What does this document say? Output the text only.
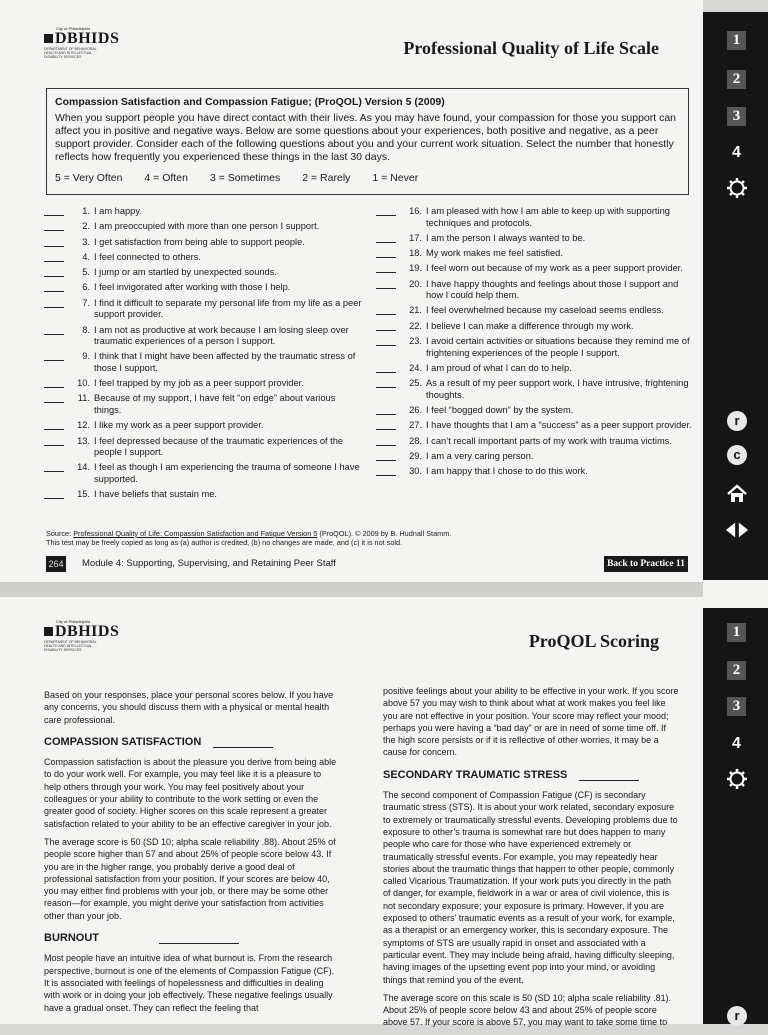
City of Philadelphia
DBHIDS
DEPARTMENT OF BEHAVIORAL HEALTH AND INTELLECTUAL DISABILITY SERVICES	Professional Quality of Life Scale
Compassion Satisfaction and Compassion Fatigue; (ProQOL) Version 5 (2009)

When you support people you have direct contact with their lives. As you may have found, your compassion for those you support can affect you in positive and negative ways. Below are some questions about your experiences, both positive and negative, as a peer support provider. Consider each of the following questions about you and your current work situation. Select the number that honestly reflects how frequently you experienced these things in the last 30 days.

5 = Very Often 4 = Often 3 = Sometimes 2 = Rarely 1 = Never
1. I am happy.
2. I am preoccupied with more than one person I support.
3. I get satisfaction from being able to support people.
4. I feel connected to others.
5. I jump or am startled by unexpected sounds.
6. I feel invigorated after working with those I help.
7. I find it difficult to separate my personal life from my life as a peer support provider.
8. I am not as productive at work because I am losing sleep over traumatic experiences of a person I support.
9. I think that I might have been affected by the traumatic stress of those I support.
10. I feel trapped by my job as a peer support provider.
11. Because of my support, I have felt “on edge” about various things.
12. I like my work as a peer support provider.
13. I feel depressed because of the traumatic experiences of the people I support.
14. I feel as though I am experiencing the trauma of someone I have supported.
15. I have beliefs that sustain me.
16. I am pleased with how I am able to keep up with supporting techniques and protocols.
17. I am the person I always wanted to be.
18. My work makes me feel satisfied.
19. I feel worn out because of my work as a peer support provider.
20. I have happy thoughts and feelings about those I support and how I could help them.
21. I feel overwhelmed because my caseload seems endless.
22. I believe I can make a difference through my work.
23. I avoid certain activities or situations because they remind me of frightening experiences of the people I support.
24. I am proud of what I can do to help.
25. As a result of my peer support work, I have intrusive, frightening thoughts.
26. I feel “bogged down” by the system.
27. I have thoughts that I am a “success” as a peer support provider.
28. I can’t recall important parts of my work with trauma victims.
29. I am a very caring person.
30. I am happy that I chose to do this work.
Source: Professional Quality of Life: Compassion Satisfaction and Fatigue Version 5 (ProQOL). © 2009 by B. Hudnall Stamm.
This test may be freely copied as long as (a) author is credited, (b) no changes are made, and (c) it is not sold.
264 Module 4: Supporting, Supervising, and Retaining Peer Staff	Back to Practice 11
1
2
3
4
r
c
City of Philadelphia
DBHIDS
DEPARTMENT OF BEHAVIORAL HEALTH AND INTELLECTUAL DISABILITY SERVICES	ProQOL Scoring

Based on your responses, place your personal scores below. If you have any concerns, you should discuss them with a physical or mental health care professional.

COMPASSION SATISFACTION

Compassion satisfaction is about the pleasure you derive from being able to do your work well. For example, you may feel like it is a pleasure to help others through your work. You may feel positively about your colleagues or your ability to contribute to the work setting or even the greater good of society. Higher scores on this scale represent a greater satisfaction related to your ability to be an effective caregiver in your job.

The average score is 50 (SD 10; alpha scale reliability .88). About 25% of people score higher than 57 and about 25% of people score below 43. If you are in the higher range, you probably derive a good deal of professional satisfaction from your position. If your scores are below 40, you may either find problems with your job, or there may be some other reason—for example, you might derive your satisfaction from activities other than your job.

BURNOUT

Most people have an intuitive idea of what burnout is. From the research perspective, burnout is one of the elements of Compassion Fatigue (CF). It is associated with feelings of hopelessness and difficulties in dealing with work or in doing your job effectively. These negative feelings usually have a gradual onset. They can reflect the feeling that

positive feelings about your ability to be effective in your work. If you score above 57 you may wish to think about what at work makes you feel like you are not effective in your position. Your score may reflect your mood; perhaps you were having a “bad day” or are in need of some time off. If the high score persists or if it is reflective of other worries, it may be a cause for concern.

SECONDARY TRAUMATIC STRESS

The second component of Compassion Fatigue (CF) is secondary traumatic stress (STS). It is about your work related, secondary exposure to extremely or traumatically stressful events. Developing problems due to exposure to other’s trauma is somewhat rare but does happen to many people who care for those who have experienced extremely or traumatically stressful events. For example, you may repeatedly hear stories about the traumatic things that happen to other people, commonly called Vicarious Traumatization. If your work puts you directly in the path of danger, for example, fieldwork in a war or area of civil violence, this is not secondary exposure; your exposure is primary. However, if you are exposed to others’ traumatic events as a result of your work, for example, as a therapist or an emergency worker, this is secondary exposure. The symptoms of STS are usually rapid in onset and associated with a particular event. They may include being afraid, having difficulty sleeping, having images of the upsetting event pop into your mind, or avoiding things that remind you of the event.

The average score on this scale is 50 (SD 10; alpha scale reliability .81). About 25% of people score below 43 and about 25% of people score above 57. If your score is above 57, you may want to take some time to

1
2
3
4
r
